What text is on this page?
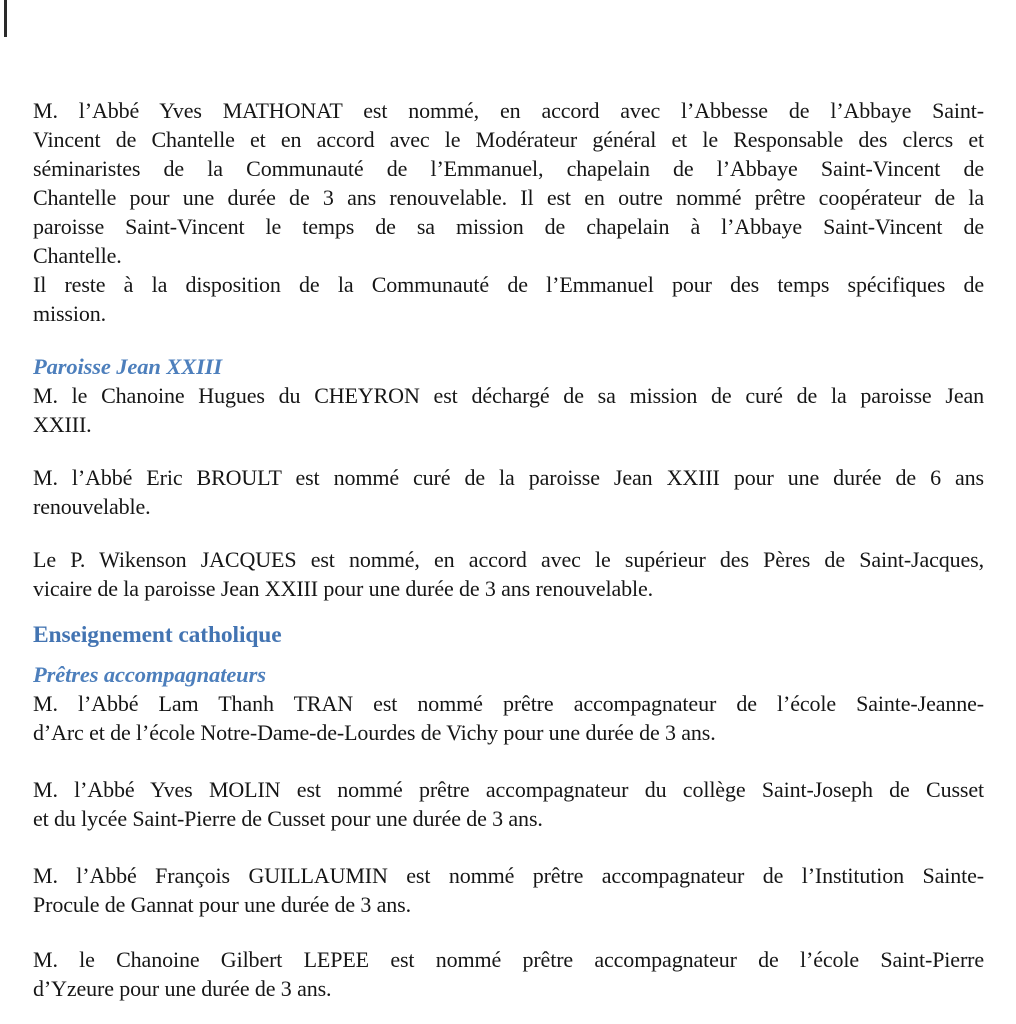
M. l’Abbé Yves MATHONAT est nommé, en accord avec l’Abbesse de l’Abbaye Saint-
Vincent de Chantelle et en accord avec le Modérateur général et le Responsable des clercs et
séminaristes de la Communauté de l’Emmanuel, chapelain de l’Abbaye Saint-Vincent de
Chantelle pour une durée de 3 ans renouvelable. Il est en outre nommé prêtre coopérateur de la
paroisse Saint-Vincent le temps de sa mission de chapelain à l’Abbaye Saint-Vincent de
Chantelle.
Il reste à la disposition de la Communauté de l’Emmanuel pour des temps spécifiques de
mission.
Paroisse Jean XXIII
M. le Chanoine Hugues du CHEYRON est déchargé de sa mission de curé de la paroisse Jean
XXIII.
M. l’Abbé Eric BROULT est nommé curé de la paroisse Jean XXIII pour une durée de 6 ans
renouvelable.
Le P. Wikenson JACQUES est nommé, en accord avec le supérieur des Pères de Saint-Jacques,
vicaire de la paroisse Jean XXIII pour une durée de 3 ans renouvelable.
Enseignement catholique
Prêtres accompagnateurs
M. l’Abbé Lam Thanh TRAN est nommé prêtre accompagnateur de l’école Sainte-Jeanne-
d’Arc et de l’école Notre-Dame-de-Lourdes de Vichy pour une durée de 3 ans.
M. l’Abbé Yves MOLIN est nommé prêtre accompagnateur du collège Saint-Joseph de Cusset
et du lycée Saint-Pierre de Cusset pour une durée de 3 ans.
M. l’Abbé François GUILLAUMIN est nommé prêtre accompagnateur de l’Institution Sainte-
Procule de Gannat pour une durée de 3 ans.
M. le Chanoine Gilbert LEPEE est nommé prêtre accompagnateur de l’école Saint-Pierre
d’Yzeure pour une durée de 3 ans.
